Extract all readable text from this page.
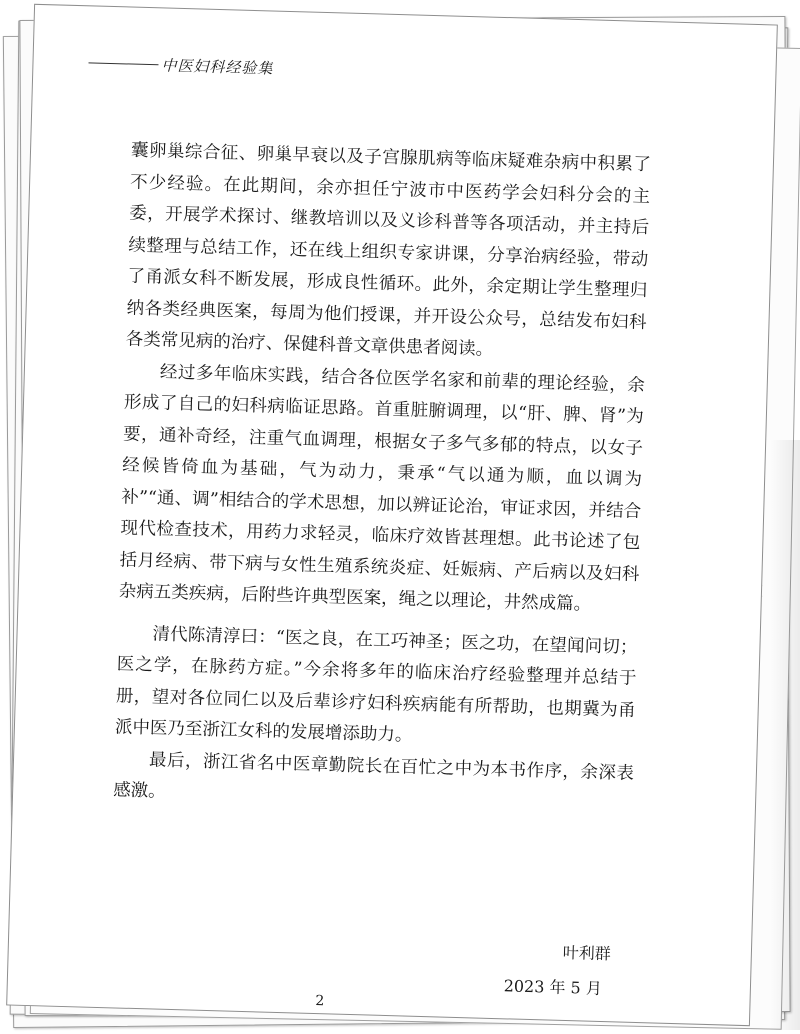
中医妇科经验集

囊卵巢综合征、卵巢早衰以及子宫腺肌病等临床疑难杂病中积累了不少经验。在此期间，余亦担任宁波市中医药学会妇科分会的主委，开展学术探讨、继教培训以及义诊科普等各项活动，并主持后续整理与总结工作，还在线上组织专家讲课，分享治病经验，带动了甬派女科不断发展，形成良性循环。此外，余定期让学生整理归纳各类经典医案，每周为他们授课，并开设公众号，总结发布妇科各类常见病的治疗、保健科普文章供患者阅读。

经过多年临床实践，结合各位医学名家和前辈的理论经验，余形成了自己的妇科病临证思路。首重脏腑调理，以“肝、脾、肾”为要，通补奇经，注重气血调理，根据女子多气多郁的特点，以女子经候皆倚血为基础，气为动力，秉承“气以通为顺，血以调为补”“通、调”相结合的学术思想，加以辨证论治，审证求因，并结合现代检查技术，用药力求轻灵，临床疗效皆甚理想。此书论述了包括月经病、带下病与女性生殖系统炎症、妊娠病、产后病以及妇科杂病五类疾病，后附些许典型医案，绳之以理论，井然成篇。

清代陈清淳曰：“医之良，在工巧神圣；医之功，在望闻问切；医之学，在脉药方症。”今余将多年的临床治疗经验整理并总结于册，望对各位同仁以及后辈诊疗妇科疾病能有所帮助，也期冀为甬派中医乃至浙江女科的发展增添助力。

最后，浙江省名中医章勤院长在百忙之中为本书作序，余深表感激。

叶利群
2023 年 5 月
2
